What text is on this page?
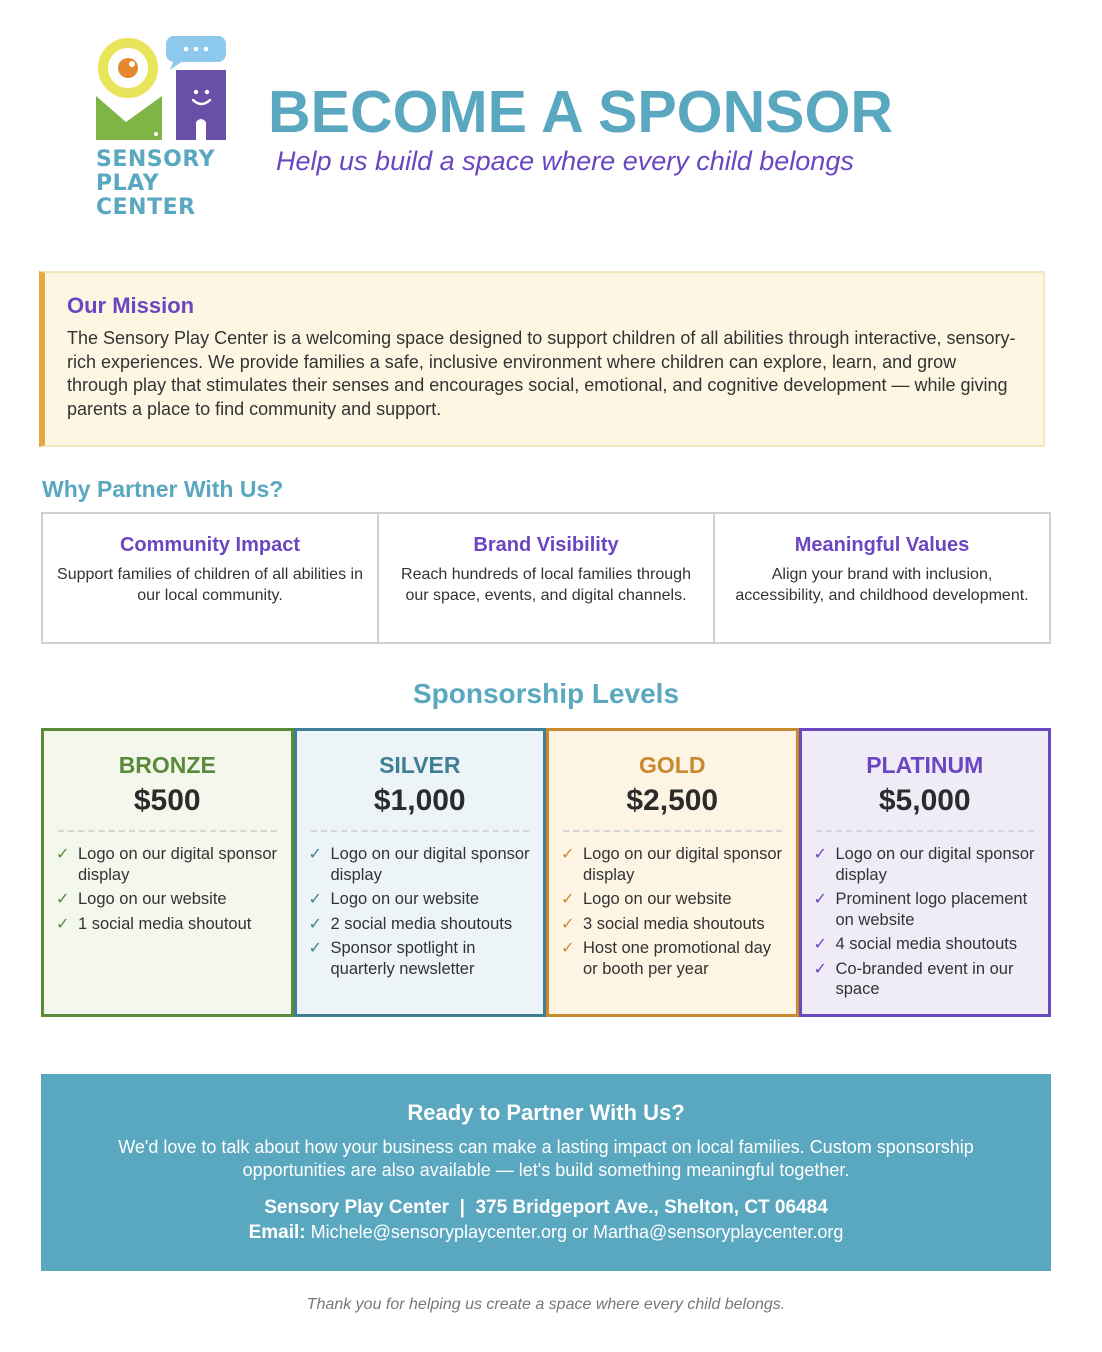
SENSORY
PLAY
CENTER
BECOME A SPONSOR

Help us build a space where every child belongs

Our Mission

The Sensory Play Center is a welcoming space designed to support children of all abilities through interactive, sensory-rich experiences. We provide families a safe, inclusive environment where children can explore, learn, and grow through play that stimulates their senses and encourages social, emotional, and cognitive development — while giving parents a place to find community and support.

Why Partner With Us?
Community Impact

Support families of children of all abilities in our local community.

Brand Visibility

Reach hundreds of local families through our space, events, and digital channels.

Meaningful Values

Align your brand with inclusion, accessibility, and childhood development.

Sponsorship Levels

BRONZE

$500

✓ Logo on our digital sponsor display
✓ Logo on our website
✓ 1 social media shoutout

SILVER

$1,000

✓ Logo on our digital sponsor display
✓ Logo on our website
✓ 2 social media shoutouts
✓ Sponsor spotlight in quarterly newsletter

GOLD

$2,500

✓ Logo on our digital sponsor display
✓ Logo on our website
✓ 3 social media shoutouts
✓ Host one promotional day or booth per year

PLATINUM

$5,000

✓ Logo on our digital sponsor display
✓ Prominent logo placement on website
✓ 4 social media shoutouts
✓ Co-branded event in our space
Ready to Partner With Us?

We'd love to talk about how your business can make a lasting impact on local families. Custom sponsorship opportunities are also available — let's build something meaningful together.

Sensory Play Center  |  375 Bridgeport Ave., Shelton, CT 06484
Email: Michele@sensoryplaycenter.org or Martha@sensoryplaycenter.org

Thank you for helping us create a space where every child belongs.
